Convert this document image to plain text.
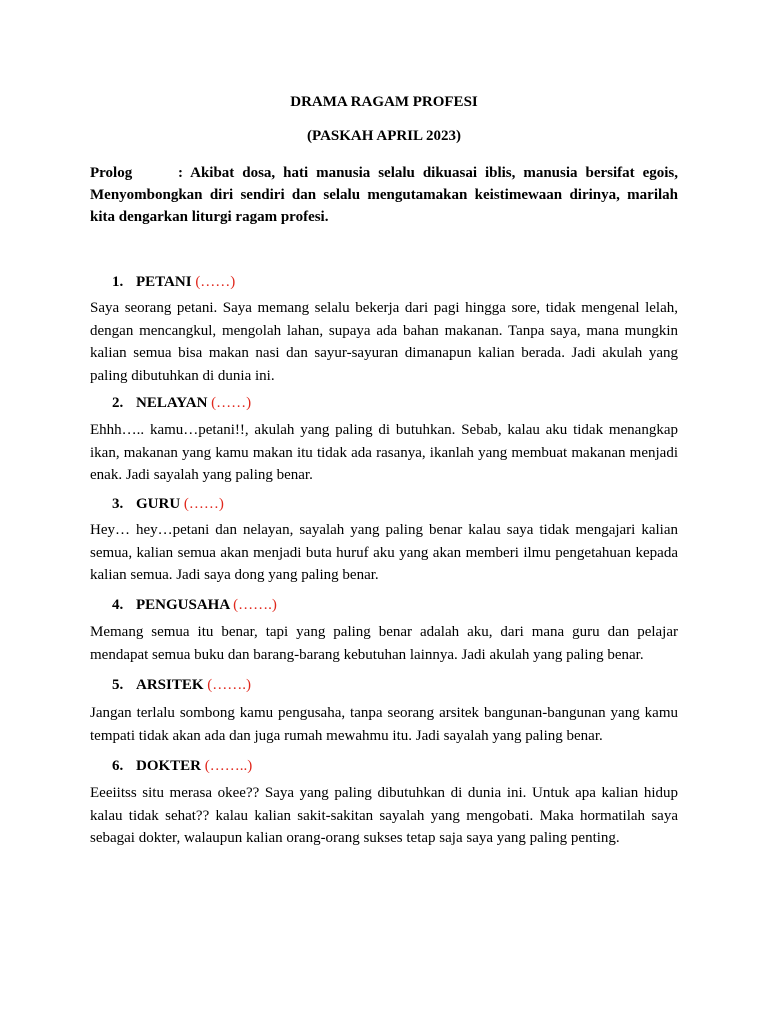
DRAMA RAGAM PROFESI
(PASKAH APRIL 2023)
Prolog	: Akibat dosa, hati manusia selalu dikuasai iblis, manusia bersifat egois, Menyombongkan diri sendiri dan selalu mengutamakan keistimewaan dirinya, marilah kita dengarkan liturgi ragam profesi.
1. PETANI (……)
Saya seorang petani. Saya memang selalu bekerja dari pagi hingga sore, tidak mengenal lelah, dengan mencangkul, mengolah lahan, supaya ada bahan makanan. Tanpa saya, mana mungkin kalian semua bisa makan nasi dan sayur-sayuran dimanapun kalian berada. Jadi akulah yang paling dibutuhkan di dunia ini.
2. NELAYAN (……)
Ehhh….. kamu…petani!!, akulah yang paling di butuhkan. Sebab, kalau aku tidak menangkap ikan, makanan yang kamu makan itu tidak ada rasanya, ikanlah yang membuat makanan menjadi enak. Jadi sayalah yang paling benar.
3. GURU (……)
Hey… hey…petani dan nelayan, sayalah yang paling benar kalau saya tidak mengajari kalian semua, kalian semua akan menjadi buta huruf aku yang akan memberi ilmu pengetahuan kepada kalian semua. Jadi saya dong yang paling benar.
4. PENGUSAHA (…….)
Memang semua itu benar, tapi yang paling benar adalah aku, dari mana guru dan pelajar mendapat semua buku dan barang-barang kebutuhan lainnya. Jadi akulah yang paling benar.
5. ARSITEK (…….)
Jangan terlalu sombong kamu pengusaha, tanpa seorang arsitek bangunan-bangunan yang kamu tempati tidak akan ada dan juga rumah mewahmu itu. Jadi sayalah yang paling benar.
6. DOKTER (……..)
Eeeiitss situ merasa okee?? Saya yang paling dibutuhkan di dunia ini. Untuk apa kalian hidup kalau tidak sehat?? kalau kalian sakit-sakitan sayalah yang mengobati. Maka hormatilah saya sebagai dokter, walaupun kalian orang-orang sukses tetap saja saya yang paling penting.
